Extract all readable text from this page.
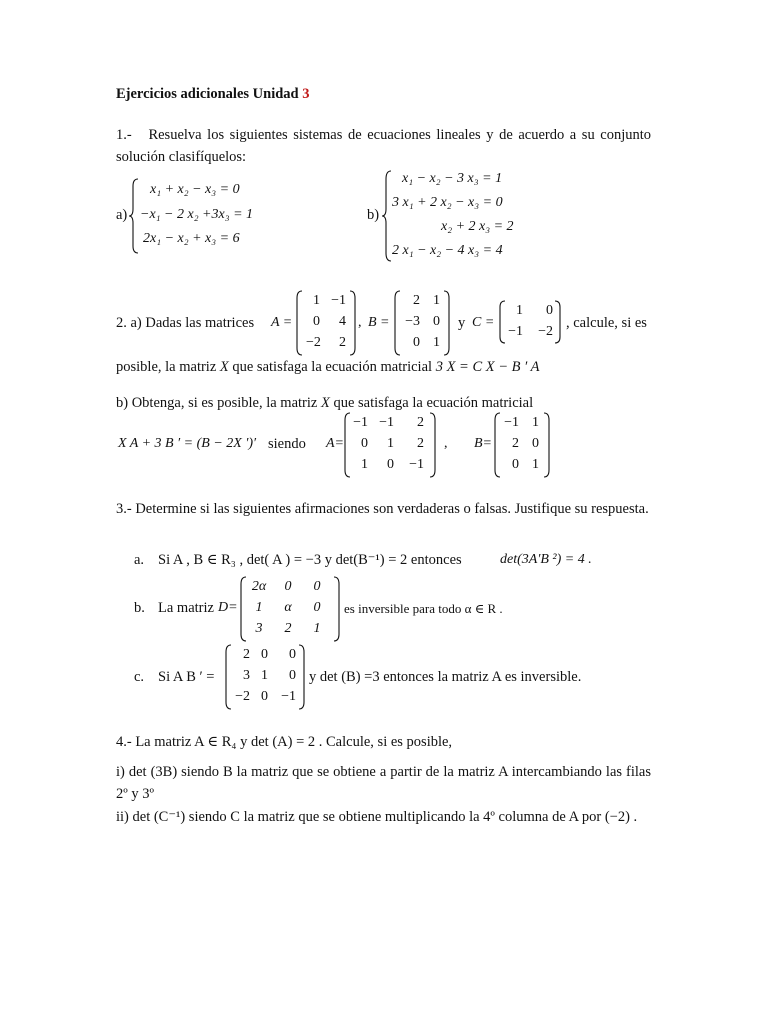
Ejercicios adicionales Unidad 3
1.- Resuelva los siguientes sistemas de ecuaciones lineales y de acuerdo a su conjunto solución clasifíquelos:
a)
x₁ + x₂ − x₃ = 0
−x₁ − 2 x₂ +3x₃ = 1
2x₁ − x₂ + x₃ = 6
b)
x₁ − x₂ − 3 x₃ = 1
3 x₁ + 2 x₂ − x₃ = 0
x₂ + 2 x₃ = 2
2 x₁ − x₂ − 4 x₃ = 4
2. a) Dadas las matrices A =
1 −1
0	4
−2	2
, B =
2 1
−3 0
0 1
y C =
1	0
−1	−2
, calcule, si es
posible, la matriz X que satisfaga la ecuación matricial 3 X = C X − B ′ A
b) Obtenga, si es posible, la matriz X que satisfaga la ecuación matricial
X A + 3 B ′ = (B − 2X ′)′ siendo A=
−1 −1	2
0	1	2
1	0	−1
, B=
−1 1
2 0
0 1
3.- Determine si las siguientes afirmaciones son verdaderas o falsas. Justifique su respuesta.
a. Si A , B ∈ R₃ , det( A ) = −3 y det(B⁻¹) = 2 entonces	det(3A′B ²) = 4 .
b. La matriz D=
2α	0	0
1	α	0
3	2	1
es inversible para todo α ∈ R .
c. Si A B ′ =
2 0	0
3 1	0
−2 0 −1
y det (B) =3 entonces la matriz A es inversible.
4.- La matriz A ∈ R₄ y det (A) = 2 . Calcule, si es posible,
i) det (3B) siendo B la matriz que se obtiene a partir de la matriz A intercambiando las filas 2º y 3º
ii) det (C⁻¹) siendo C la matriz que se obtiene multiplicando la 4º columna de A por (−2) .
